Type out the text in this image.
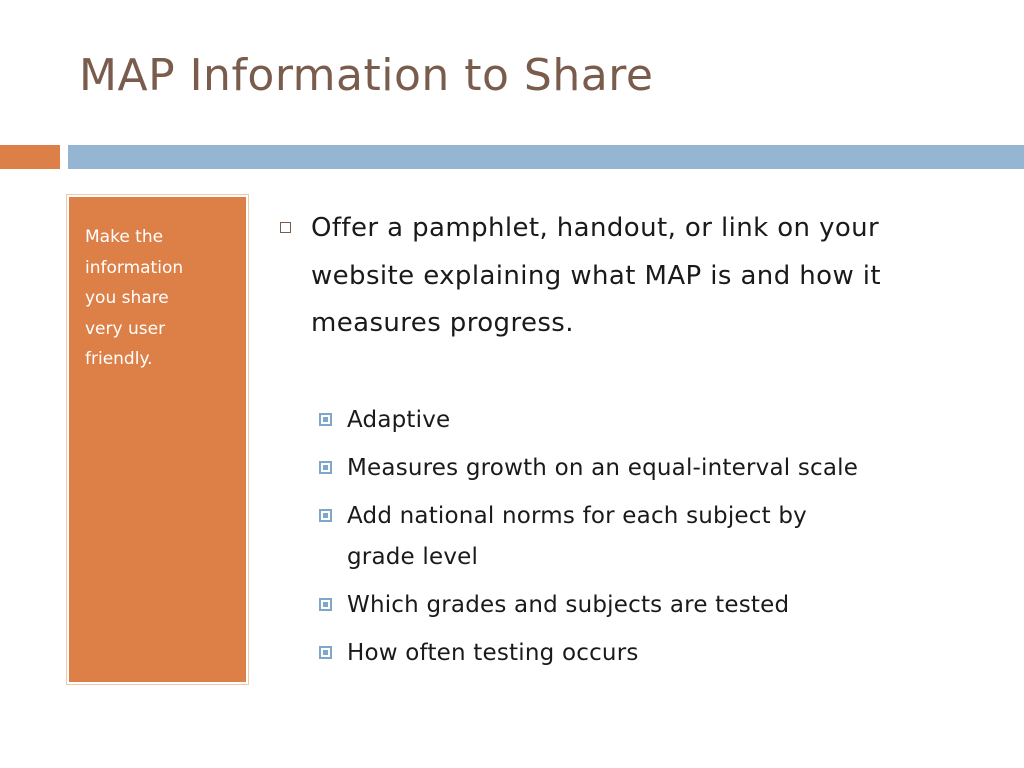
MAP Information to Share

Make the
information
you share
very user
friendly.

Offer a pamphlet, handout, or link on your
website explaining what MAP is and how it
measures progress.
Adaptive
Measures growth on an equal-interval scale
Add national norms for each subject by
grade level
Which grades and subjects are tested
How often testing occurs
